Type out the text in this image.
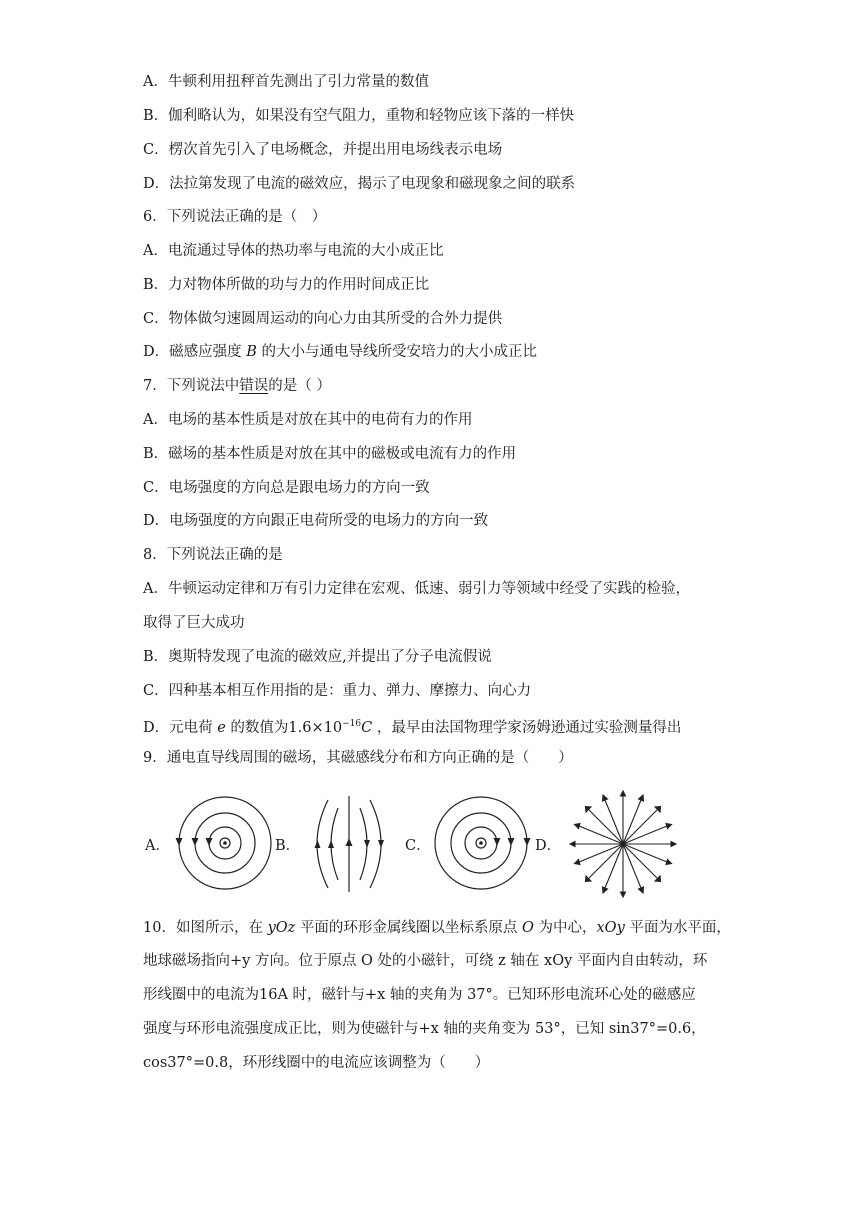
A．牛顿利用扭秤首先测出了引力常量的数值
B．伽利略认为，如果没有空气阻力，重物和轻物应该下落的一样快
C．楞次首先引入了电场概念，并提出用电场线表示电场
D．法拉第发现了电流的磁效应，揭示了电现象和磁现象之间的联系
6．下列说法正确的是（　）
A．电流通过导体的热功率与电流的大小成正比
B．力对物体所做的功与力的作用时间成正比
C．物体做匀速圆周运动的向心力由其所受的合外力提供
D．磁感应强度 B 的大小与通电导线所受安培力的大小成正比
7．下列说法中错误的是（ ）
A．电场的基本性质是对放在其中的电荷有力的作用
B．磁场的基本性质是对放在其中的磁极或电流有力的作用
C．电场强度的方向总是跟电场力的方向一致
D．电场强度的方向跟正电荷所受的电场力的方向一致
8．下列说法正确的是
A．牛顿运动定律和万有引力定律在宏观、低速、弱引力等领域中经受了实践的检验，
取得了巨大成功
B．奥斯特发现了电流的磁效应,并提出了分子电流假说
C．四种基本相互作用指的是：重力、弹力、摩擦力、向心力
D．元电荷 e 的数值为$1.6\times 10^{-16}C$ ，最早由法国物理学家汤姆逊通过实验测量得出
9．通电直导线周围的磁场，其磁感线分布和方向正确的是（　　）
A．	B．	C．	D．
10．如图所示，在 yOz 平面的环形金属线圈以坐标系原点 O 为中心，xOy 平面为水平面，
地球磁场指向+y 方向。位于原点 O 处的小磁针，可绕 z 轴在 xOy 平面内自由转动，环
形线圈中的电流为16A 时，磁针与+x 轴的夹角为 37°。已知环形电流环心处的磁感应
强度与环形电流强度成正比，则为使磁针与+x 轴的夹角变为 53°，已知 sin37°=0.6，
cos37°=0.8，环形线圈中的电流应该调整为（　　）
